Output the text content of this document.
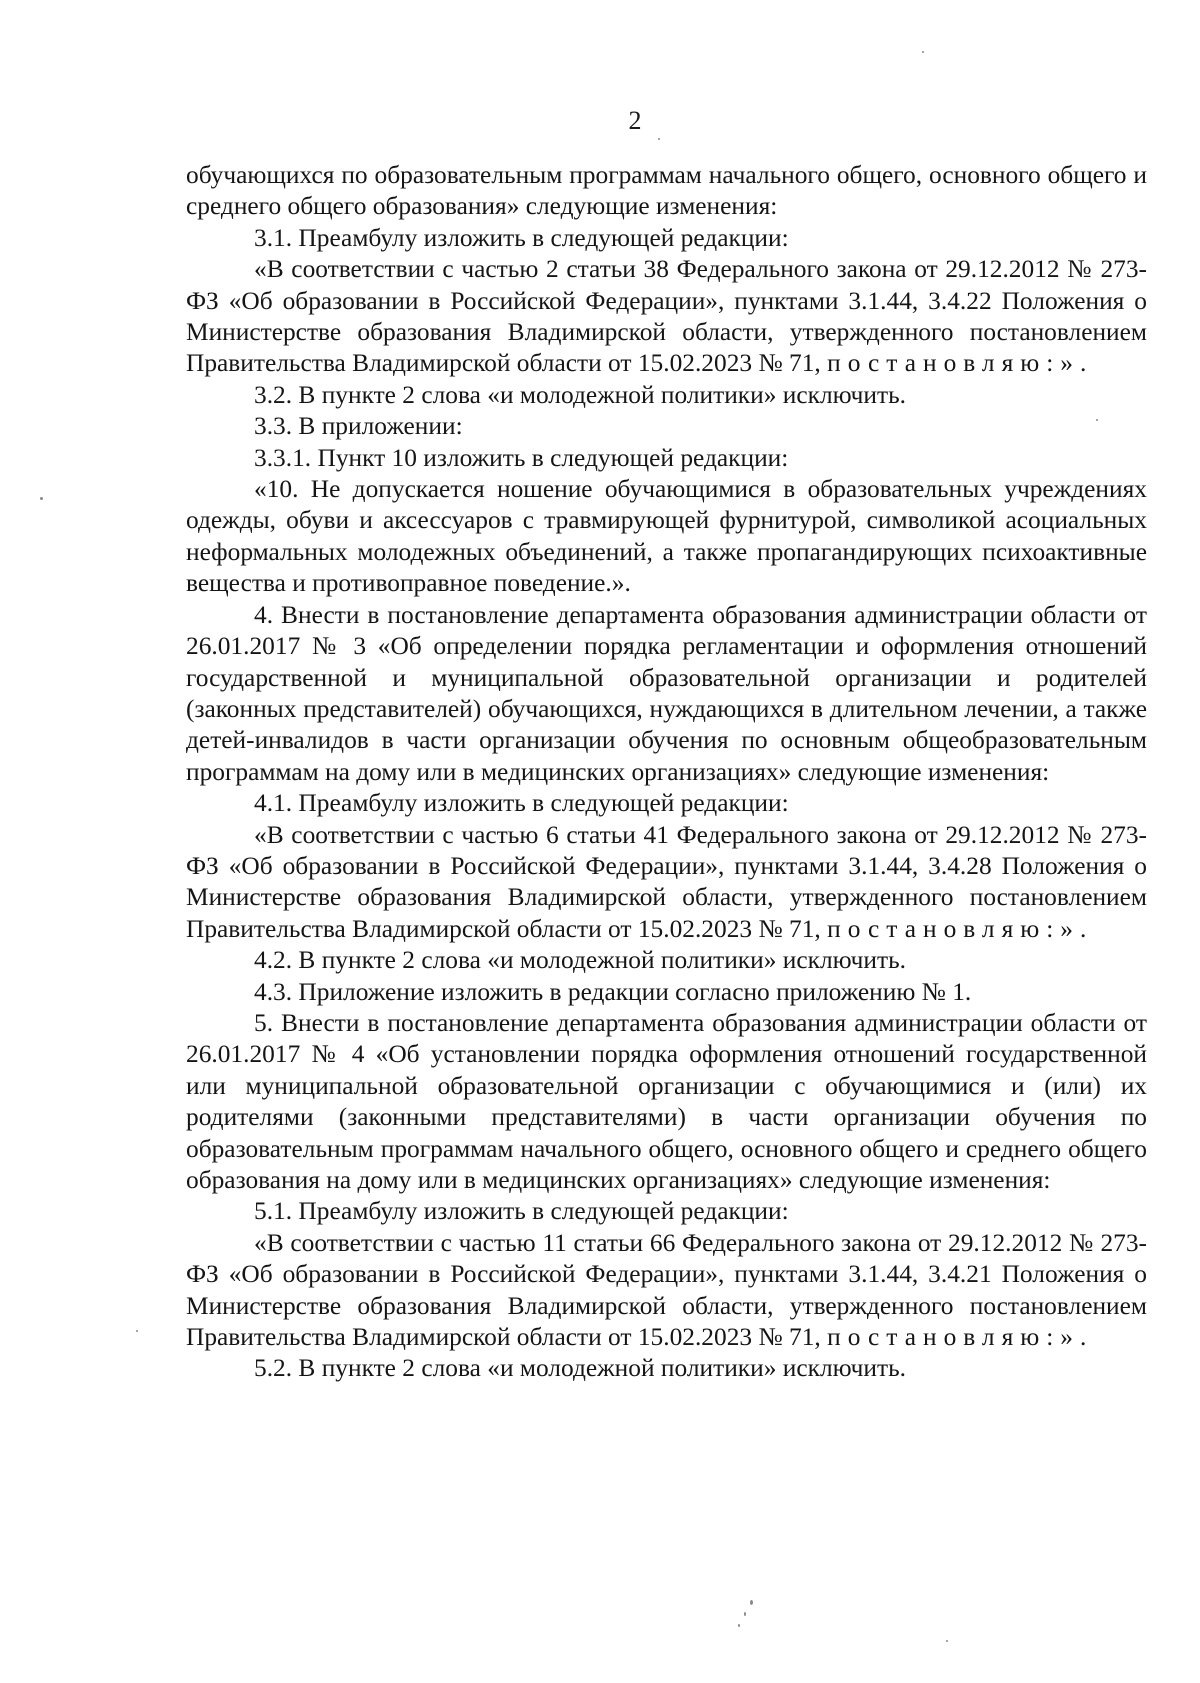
2

обучающихся по образовательным программам начального общего, основного общего и среднего общего образования» следующие изменения:

3.1. Преамбулу изложить в следующей редакции:

«В соответствии с частью 2 статьи 38 Федерального закона от 29.12.2012 № 273-ФЗ «Об образовании в Российской Федерации», пунктами 3.1.44, 3.4.22 Положения о Министерстве образования Владимирской области, утвержденного постановлением Правительства Владимирской области от 15.02.2023 № 71, постановляю:».

3.2. В пункте 2 слова «и молодежной политики» исключить.

3.3. В приложении:

3.3.1. Пункт 10 изложить в следующей редакции:

«10. Не допускается ношение обучающимися в образовательных учреждениях одежды, обуви и аксессуаров с травмирующей фурнитурой, символикой асоциальных неформальных молодежных объединений, а также пропагандирующих психоактивные вещества и противоправное поведение.».

4. Внести в постановление департамента образования администрации области от 26.01.2017 № 3 «Об определении порядка регламентации и оформления отношений государственной и муниципальной образовательной организации и родителей (законных представителей) обучающихся, нуждающихся в длительном лечении, а также детей-инвалидов в части организации обучения по основным общеобразовательным программам на дому или в медицинских организациях» следующие изменения:

4.1. Преамбулу изложить в следующей редакции:

«В соответствии с частью 6 статьи 41 Федерального закона от 29.12.2012 № 273-ФЗ «Об образовании в Российской Федерации», пунктами 3.1.44, 3.4.28 Положения о Министерстве образования Владимирской области, утвержденного постановлением Правительства Владимирской области от 15.02.2023 № 71, постановляю:».

4.2. В пункте 2 слова «и молодежной политики» исключить.

4.3. Приложение изложить в редакции согласно приложению № 1.

5. Внести в постановление департамента образования администрации области от 26.01.2017 № 4 «Об установлении порядка оформления отношений государственной или муниципальной образовательной организации с обучающимися и (или) их родителями (законными представителями) в части организации обучения по образовательным программам начального общего, основного общего и среднего общего образования на дому или в медицинских организациях» следующие изменения:

5.1. Преамбулу изложить в следующей редакции:

«В соответствии с частью 11 статьи 66 Федерального закона от 29.12.2012 № 273-ФЗ «Об образовании в Российской Федерации», пунктами 3.1.44, 3.4.21 Положения о Министерстве образования Владимирской области, утвержденного постановлением Правительства Владимирской области от 15.02.2023 № 71, постановляю:».

5.2. В пункте 2 слова «и молодежной политики» исключить.
